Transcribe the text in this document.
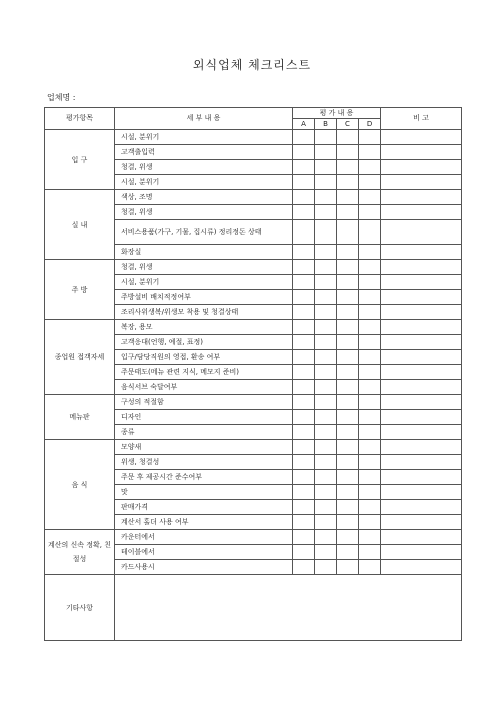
외식업체 체크리스트
업체명 :
평가항목	세 부 내 용	평 가 내 용				비 고
		A	B	C	D	
입 구	시설, 분위기					
	고객출입력					
	청결, 위생					
	시설, 분위기					
실 내	색상, 조명					
	청결, 위생					
	서비스용품(가구, 기물, 집시류) 정리정돈 상태					
	화장실					
주 방	청결, 위생					
	시설, 분위기					
	주방설비 배치적정여부					
	조리사위생복/위생모 착용 및 청결상태					
종업원 접객자세	복장, 용모					
	고객응대(언행, 예절, 표정)					
	입구/담당직원의 영접, 환송 여부					
	주문태도(메뉴 관련 지식, 메모지 준비)					
	음식서브 숙달여부					
메뉴판	구성의 적절함					
	디자인					
	종류					
음 식	모양새					
	위생, 청결성					
	주문 후 제공시간 준수여부					
	맛					
	판매가격					
	계산서 홀더 사용 여부					
계산의 신속 정확, 친절성	카운터에서					
	테이블에서					
	카드사용시					
기타사항						
